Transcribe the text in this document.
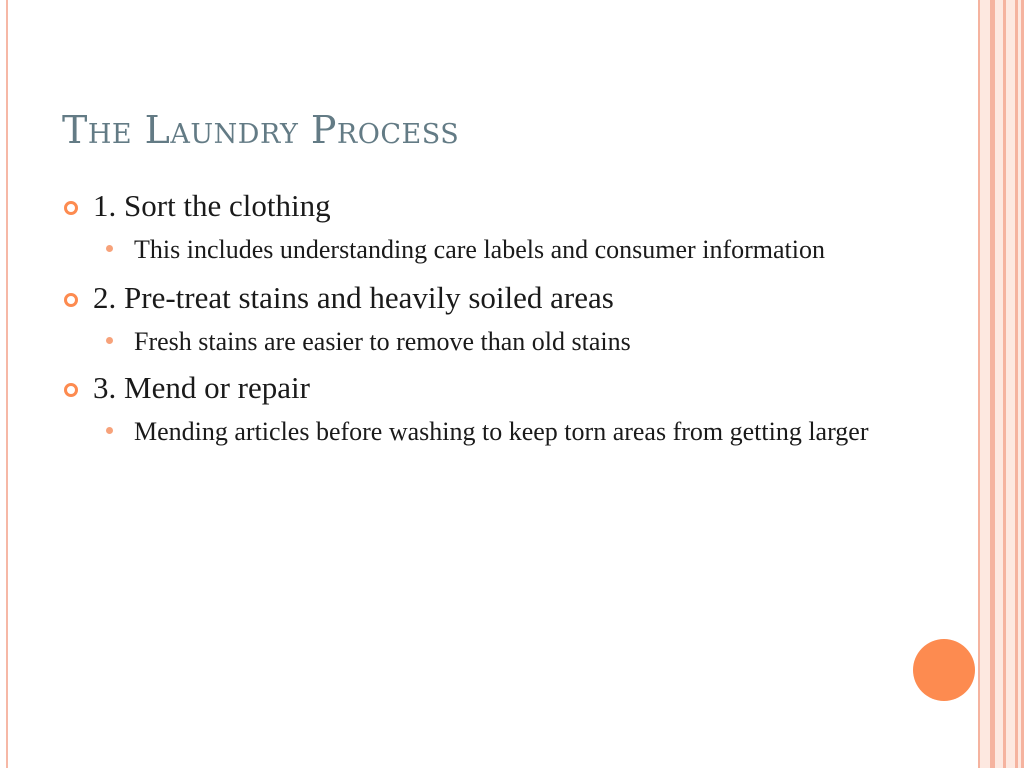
The Laundry Process
1. Sort the clothing
This includes understanding care labels and consumer information
2. Pre-treat stains and heavily soiled areas
Fresh stains are easier to remove than old stains
3. Mend or repair
Mending articles before washing to keep torn areas from getting larger
